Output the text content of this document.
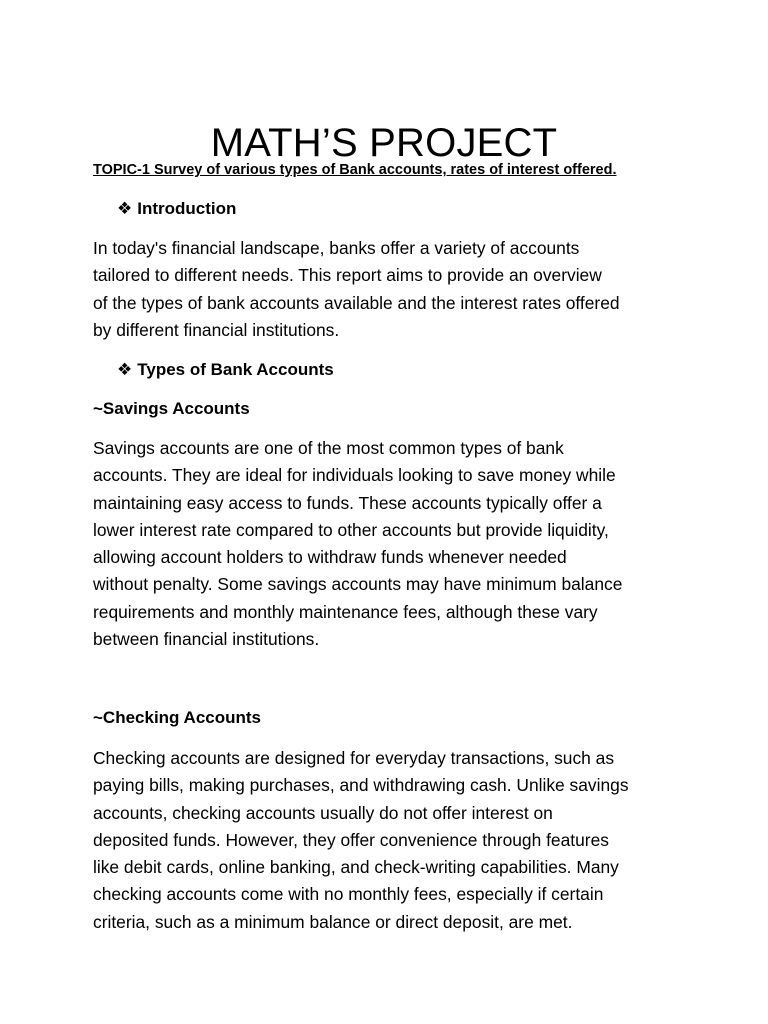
MATH’S PROJECT
TOPIC-1 Survey of various types of Bank accounts, rates of interest offered.
❖ Introduction

In today's financial landscape, banks offer a variety of accounts
tailored to different needs. This report aims to provide an overview
of the types of bank accounts available and the interest rates offered
by different financial institutions.

❖ Types of Bank Accounts
~Savings Accounts

Savings accounts are one of the most common types of bank
accounts. They are ideal for individuals looking to save money while
maintaining easy access to funds. These accounts typically offer a
lower interest rate compared to other accounts but provide liquidity,
allowing account holders to withdraw funds whenever needed
without penalty. Some savings accounts may have minimum balance
requirements and monthly maintenance fees, although these vary
between financial institutions.

~Checking Accounts

Checking accounts are designed for everyday transactions, such as
paying bills, making purchases, and withdrawing cash. Unlike savings
accounts, checking accounts usually do not offer interest on
deposited funds. However, they offer convenience through features
like debit cards, online banking, and check-writing capabilities. Many
checking accounts come with no monthly fees, especially if certain
criteria, such as a minimum balance or direct deposit, are met.
